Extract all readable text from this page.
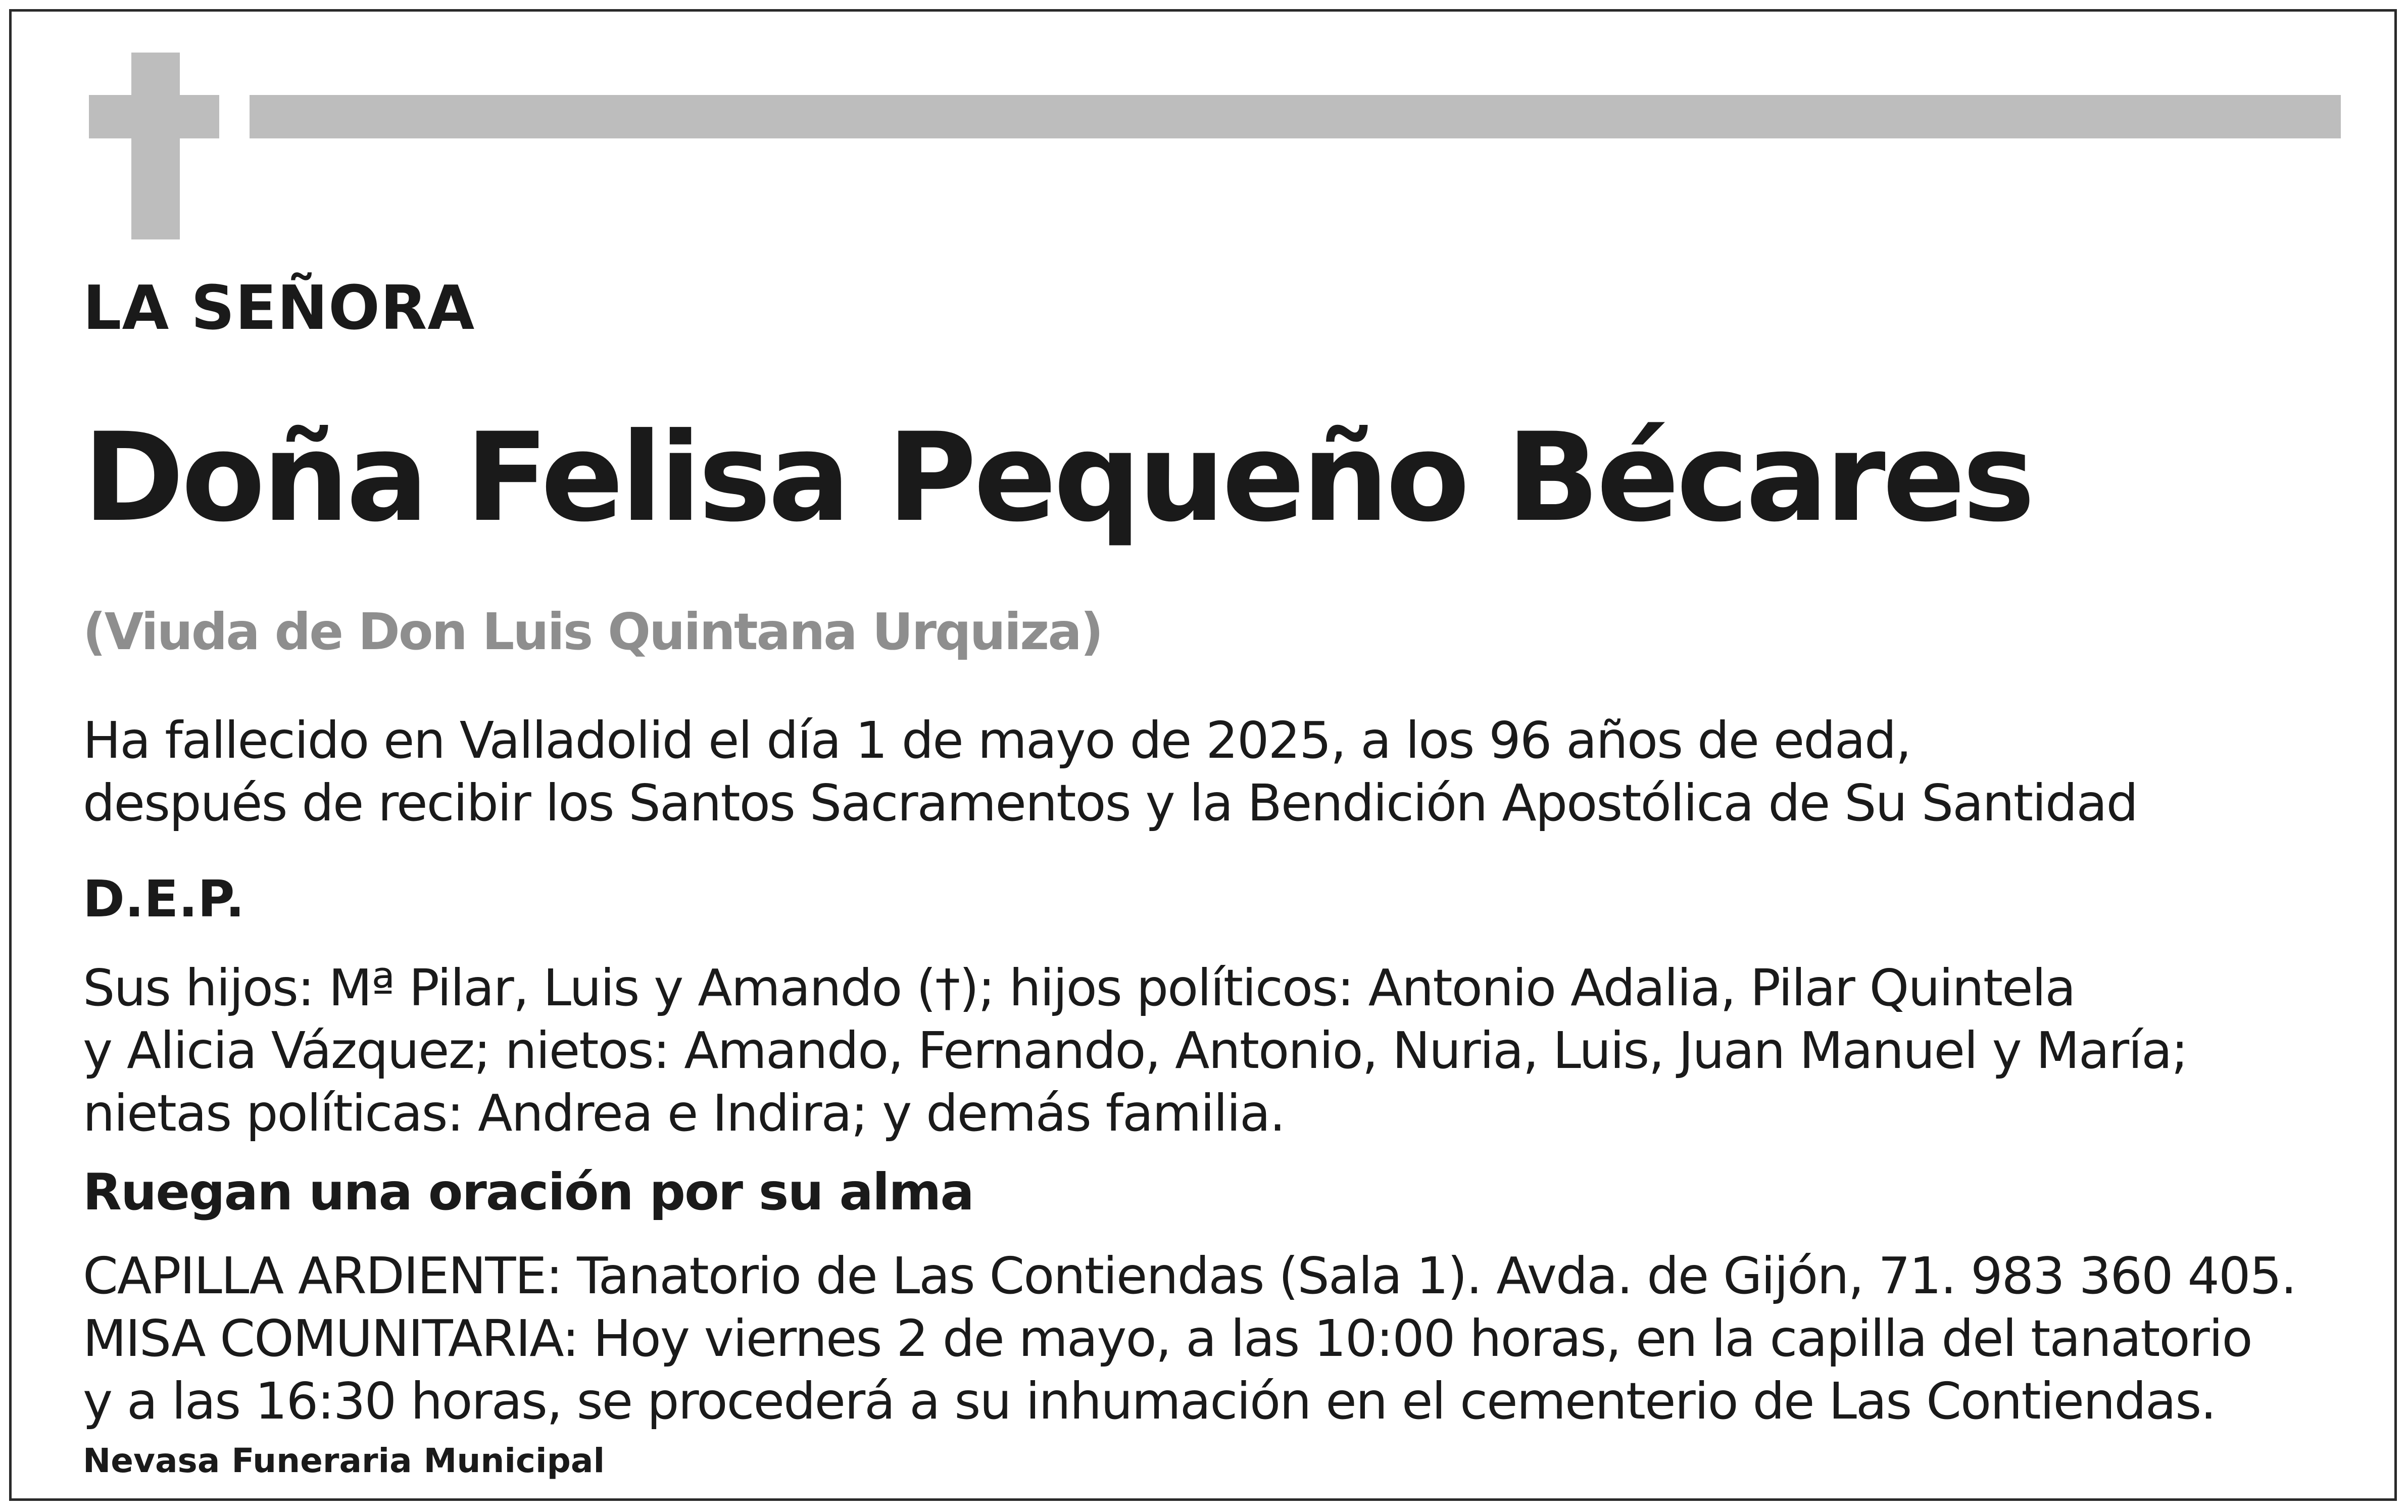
LA SEÑORA
Doña Felisa Pequeño Bécares
(Viuda de Don Luis Quintana Urquiza)
Ha fallecido en Valladolid el día 1 de mayo de 2025, a los 96 años de edad,
después de recibir los Santos Sacramentos y la Bendición Apostólica de Su Santidad
D.E.P.
Sus hijos: Mª Pilar, Luis y Amando (†); hijos políticos: Antonio Adalia, Pilar Quintela
y Alicia Vázquez; nietos: Amando, Fernando, Antonio, Nuria, Luis, Juan Manuel y María;
nietas políticas: Andrea e Indira; y demás familia.
Ruegan una oración por su alma
CAPILLA ARDIENTE: Tanatorio de Las Contiendas (Sala 1). Avda. de Gijón, 71. 983 360 405.
MISA COMUNITARIA: Hoy viernes 2 de mayo, a las 10:00 horas, en la capilla del tanatorio
y a las 16:30 horas, se procederá a su inhumación en el cementerio de Las Contiendas.
Nevasa Funeraria Municipal
